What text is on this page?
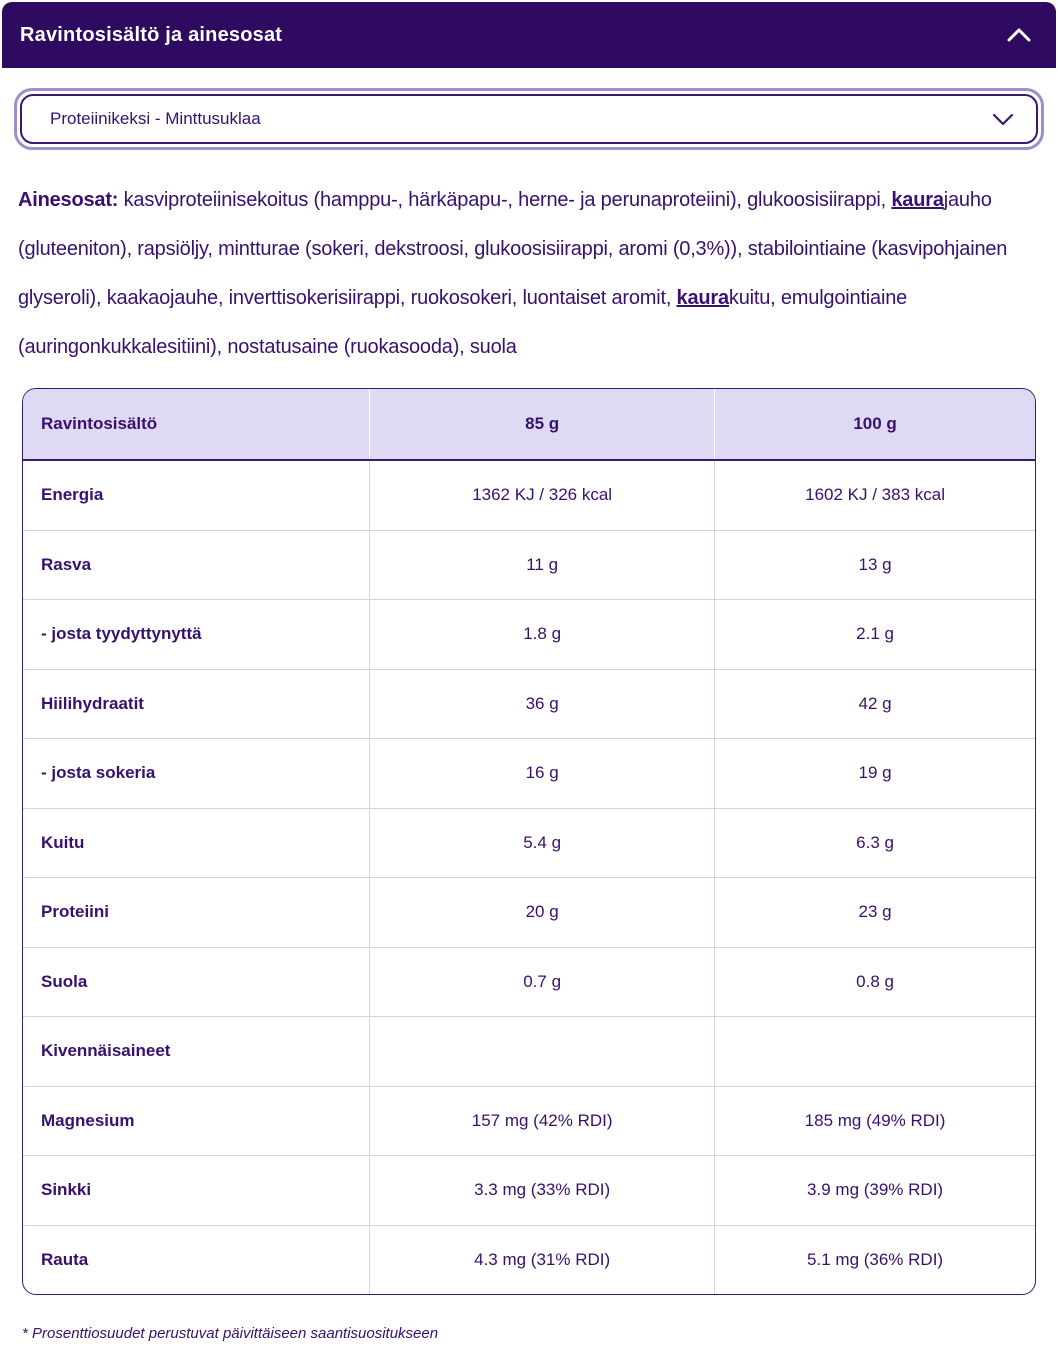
Ravintosisältö ja ainesosat
Proteiinikeksi - Minttusuklaa

Ainesosat: kasviproteiinisekoitus (hamppu-, härkäpapu-, herne- ja perunaproteiini), glukoosisiirappi, kaurajauho (gluteeniton), rapsiöljy, mintturae (sokeri, dekstroosi, glukoosisiirappi, aromi (0,3%)), stabilointiaine (kasvipohjainen glyseroli), kaakaojauhe, inverttisokerisiirappi, ruokosokeri, luontaiset aromit, kaurakuitu, emulgointiaine (auringonkukkalesitiini), nostatusaine (ruokasooda), suola

Ravintosisältö	85 g	100 g
Energia	1362 KJ / 326 kcal	1602 KJ / 383 kcal
Rasva	11 g	13 g
- josta tyydyttynyttä	1.8 g	2.1 g
Hiilihydraatit	36 g	42 g
- josta sokeria	16 g	19 g
Kuitu	5.4 g	6.3 g
Proteiini	20 g	23 g
Suola	0.7 g	0.8 g
Kivennäisaineet
Magnesium	157 mg (42% RDI)	185 mg (49% RDI)
Sinkki	3.3 mg (33% RDI)	3.9 mg (39% RDI)
Rauta	4.3 mg (31% RDI)	5.1 mg (36% RDI)

* Prosenttiosuudet perustuvat päivittäiseen saantisuositukseen
